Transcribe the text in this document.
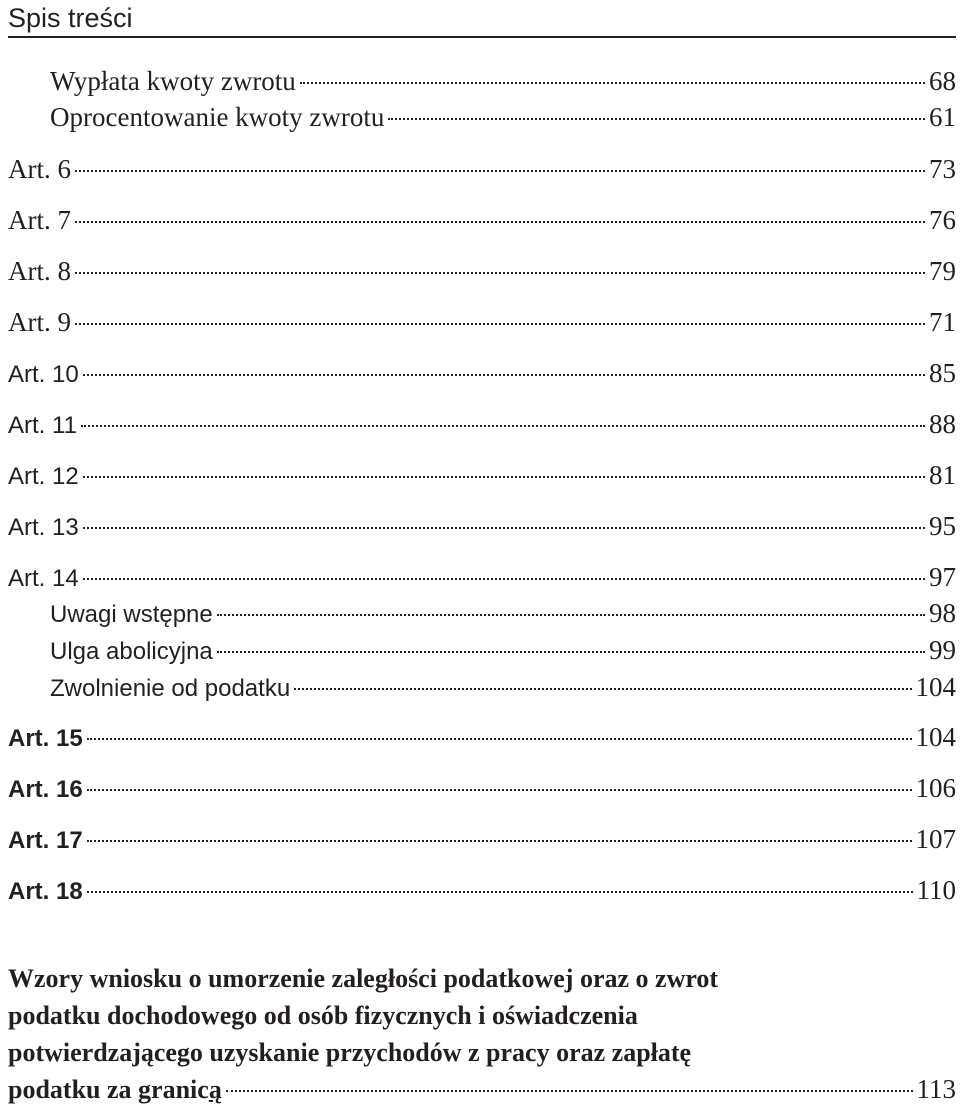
Spis treści
Wypłata kwoty zwrotu	68
Oprocentowanie kwoty zwrotu	61
Art. 6	73
Art. 7	76
Art. 8	79
Art. 9	71
Art. 10	85
Art. 11	88
Art. 12	81
Art. 13	95
Art. 14	97
Uwagi wstępne	98
Ulga abolicyjna	99
Zwolnienie od podatku	104
Art. 15	104
Art. 16	106
Art. 17	107
Art. 18	110
Wzory wniosku o umorzenie zaległości podatkowej oraz o zwrot
podatku dochodowego od osób fizycznych i oświadczenia
potwierdzającego uzyskanie przychodów z pracy oraz zapłatę
podatku za granicą	113
